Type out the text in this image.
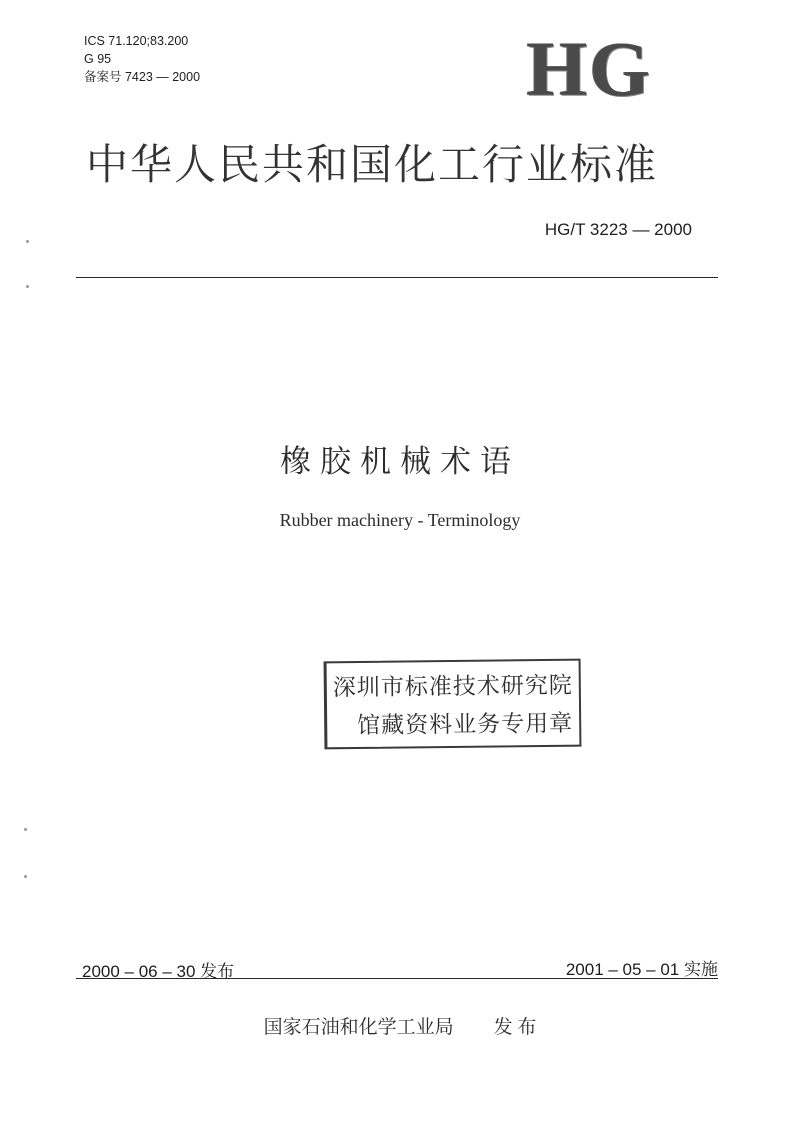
ICS 71.120;83.200
G 95
备案号 7423 — 2000	HG
中华人民共和国化工行业标准
HG/T 3223 — 2000
橡胶机械术语
Rubber machinery - Terminology
深圳市标准技术研究院
馆藏资料业务专用章
2000 – 06 – 30 发布	2001 – 05 – 01 实施
国家石油和化学工业局 发 布
